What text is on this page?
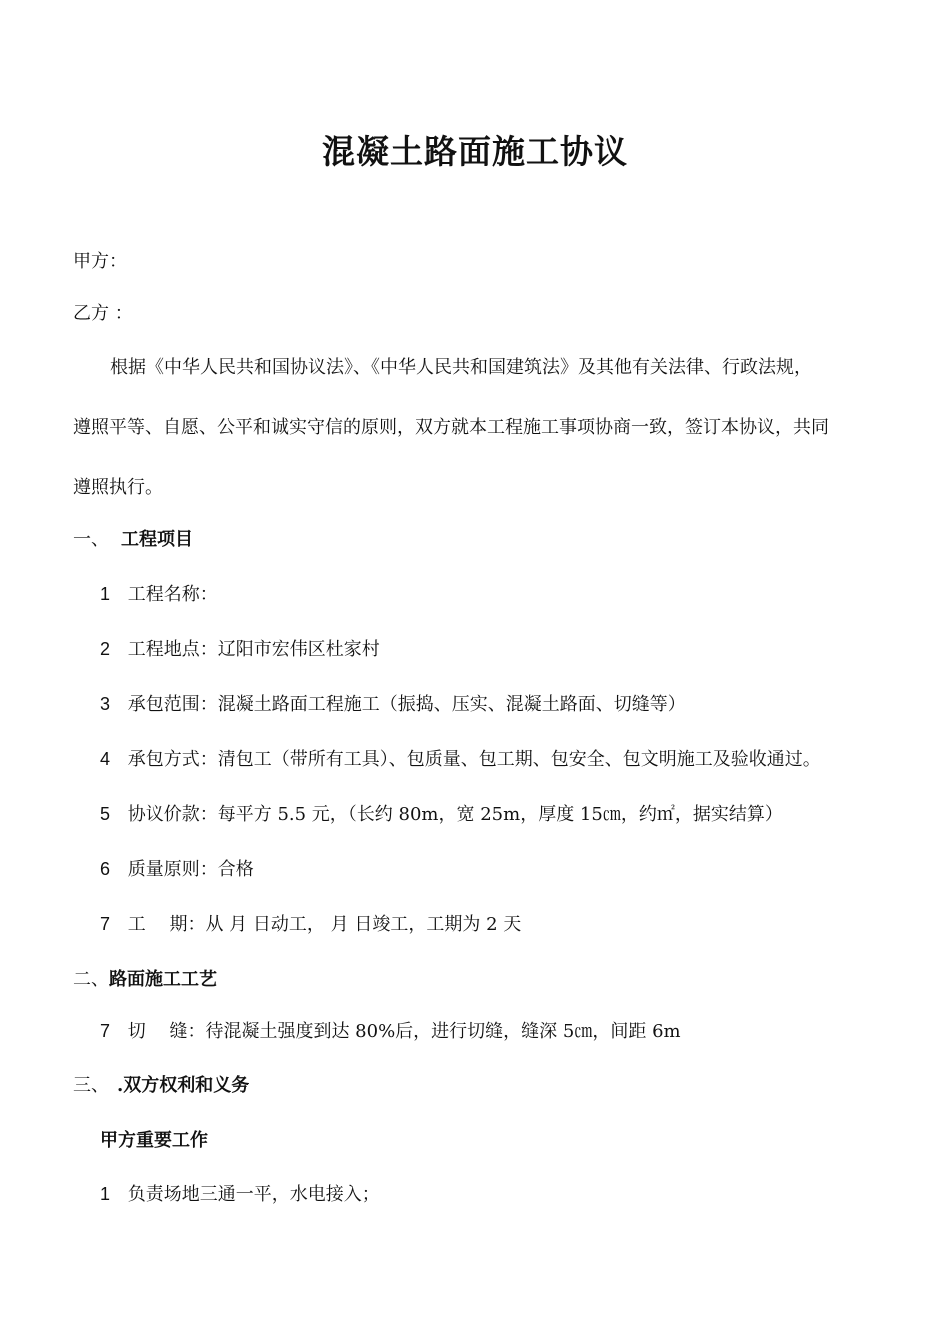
混凝土路面施工协议
甲方：
乙方 ：
根据《中华人民共和国协议法》、《中华人民共和国建筑法》及其他有关法律、行政法规，
遵照平等、自愿、公平和诚实守信的原则，双方就本工程施工事项协商一致，签订本协议，共同
遵照执行。
一、 工程项目
1 工程名称：
2 工程地点：辽阳市宏伟区杜家村
3 承包范围：混凝土路面工程施工（振捣、压实、混凝土路面、切缝等）
4 承包方式：清包工（带所有工具）、包质量、包工期、包安全、包文明施工及验收通过。
5 协议价款：每平方 5.5 元，（长约 80m，宽 25m，厚度 15㎝，约㎡，据实结算）
6 质量原则：合格
7 工　 期：从 月 日动工， 月 日竣工，工期为 2 天
二、路面施工工艺
7 切　 缝：待混凝土强度到达 80%后，进行切缝，缝深 5㎝，间距 6m
三、 .双方权利和义务
甲方重要工作
1 负责场地三通一平，水电接入；
